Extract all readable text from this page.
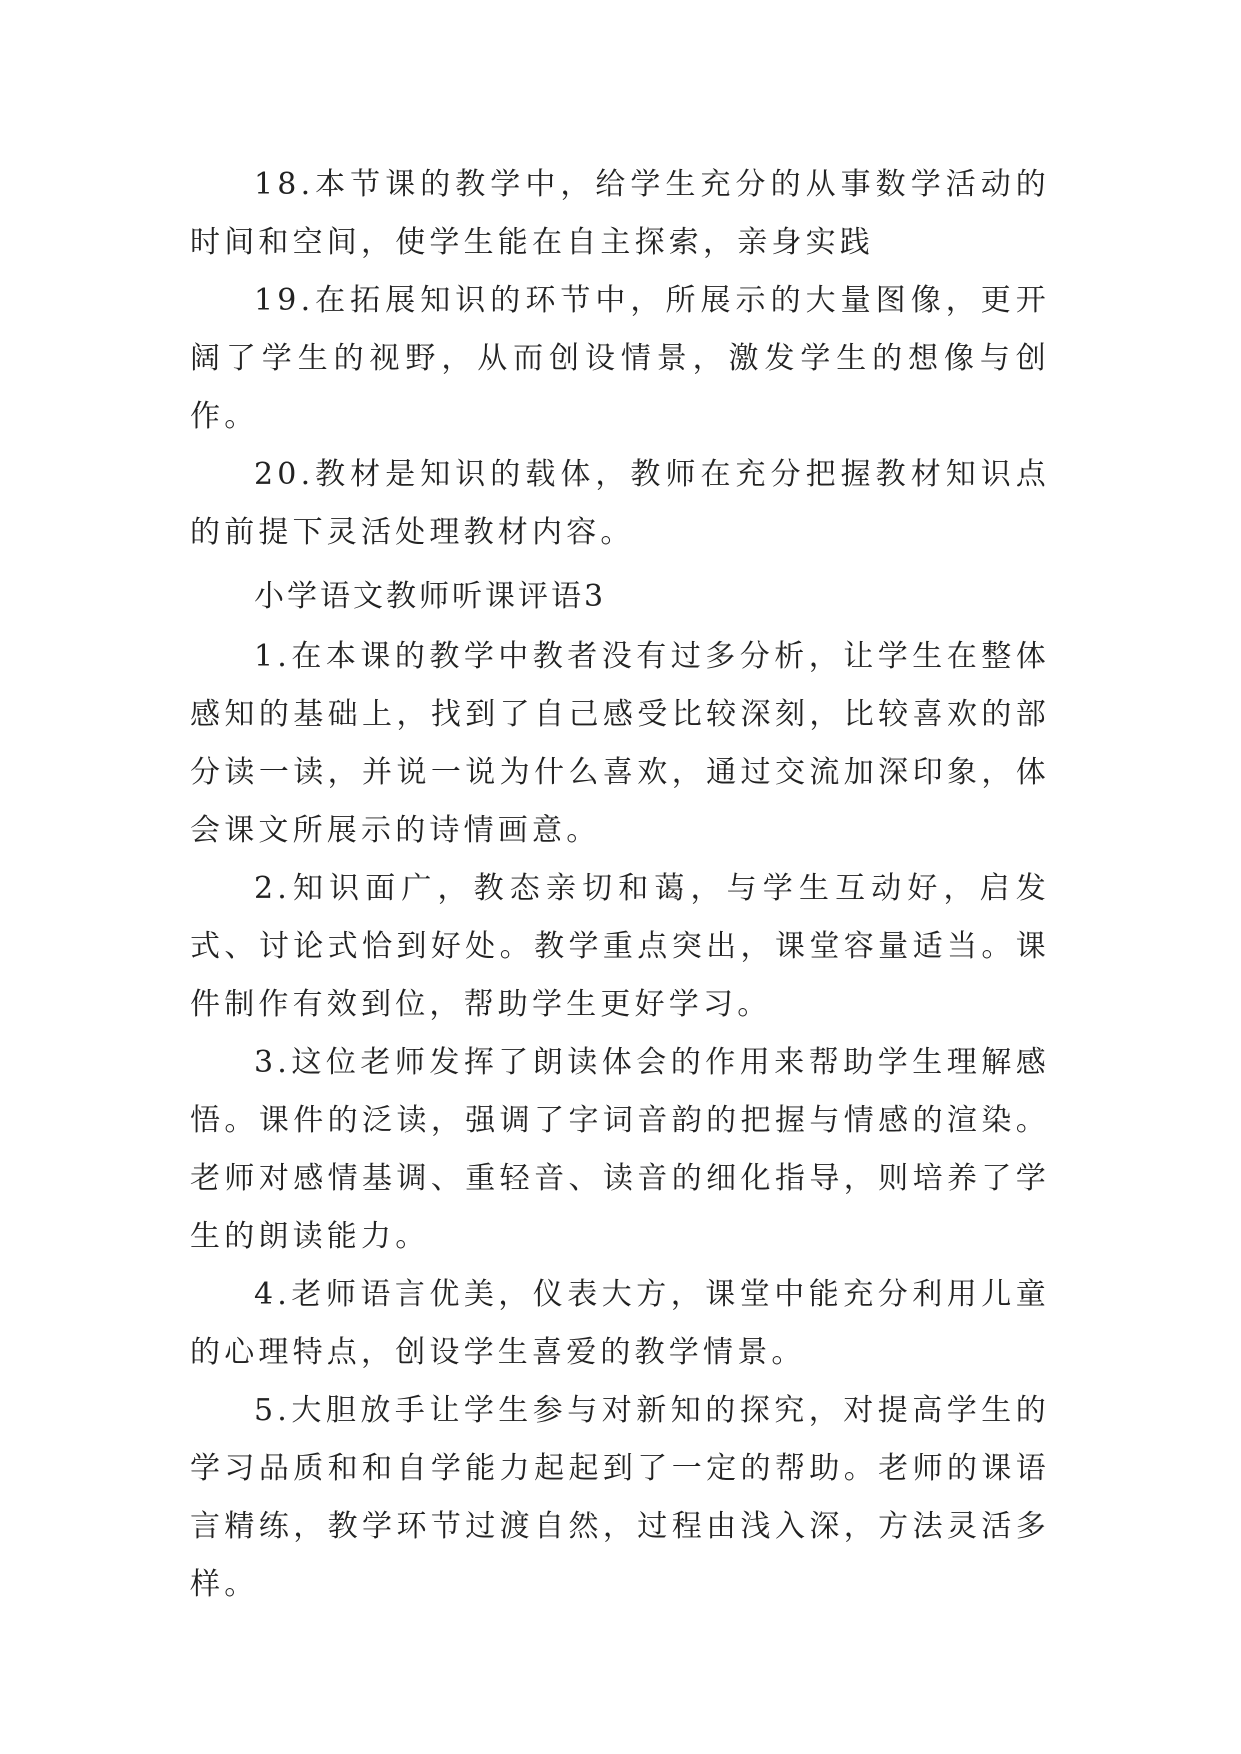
18.本节课的教学中，给学生充分的从事数学活动的时间和空间，使学生能在自主探索，亲身实践

19.在拓展知识的环节中，所展示的大量图像，更开阔了学生的视野，从而创设情景，激发学生的想像与创作。

20.教材是知识的载体，教师在充分把握教材知识点的前提下灵活处理教材内容。

小学语文教师听课评语3

1.在本课的教学中教者没有过多分析，让学生在整体感知的基础上，找到了自己感受比较深刻，比较喜欢的部分读一读，并说一说为什么喜欢，通过交流加深印象，体会课文所展示的诗情画意。

2.知识面广，教态亲切和蔼，与学生互动好，启发式、讨论式恰到好处。教学重点突出，课堂容量适当。课件制作有效到位，帮助学生更好学习。

3.这位老师发挥了朗读体会的作用来帮助学生理解感悟。课件的泛读，强调了字词音韵的把握与情感的渲染。老师对感情基调、重轻音、读音的细化指导，则培养了学生的朗读能力。

4.老师语言优美，仪表大方，课堂中能充分利用儿童的心理特点，创设学生喜爱的教学情景。

5.大胆放手让学生参与对新知的探究，对提高学生的学习品质和和自学能力起起到了一定的帮助。老师的课语言精练，教学环节过渡自然，过程由浅入深，方法灵活多样。
